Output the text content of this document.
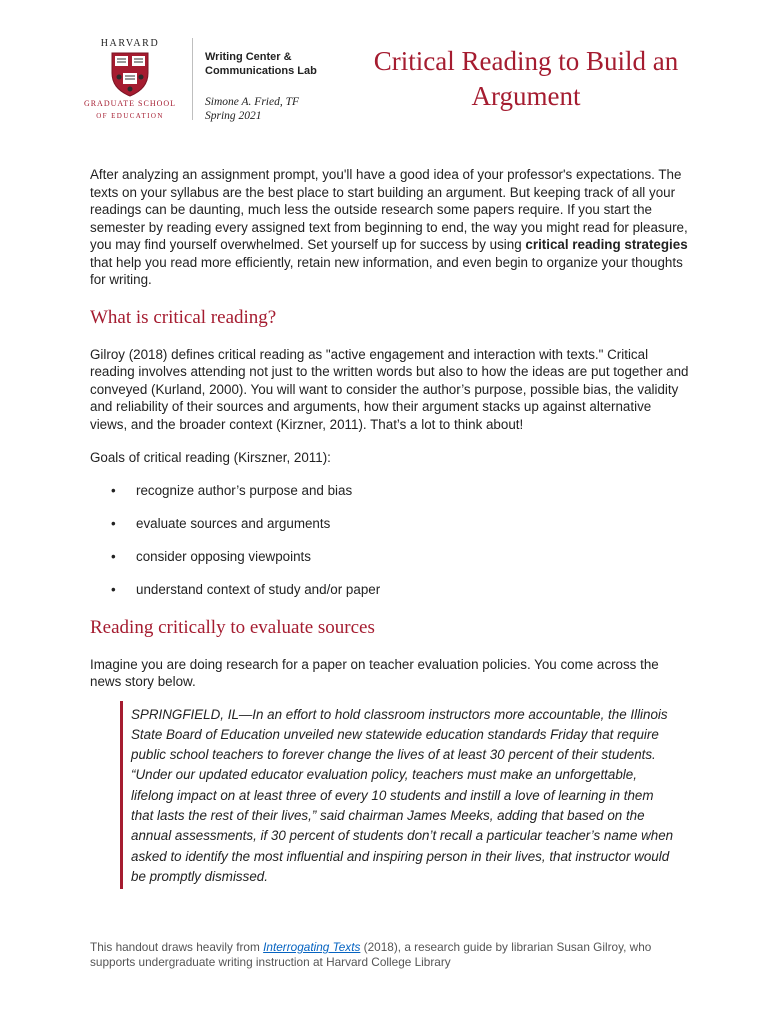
HARVARD
GRADUATE SCHOOL
OF EDUCATION
Writing Center &
Communications Lab
Simone A. Fried, TF
Spring 2021
Critical Reading to Build an
Argument

After analyzing an assignment prompt, you'll have a good idea of your professor's expectations. The texts on your syllabus are the best place to start building an argument. But keeping track of all your readings can be daunting, much less the outside research some papers require. If you start the semester by reading every assigned text from beginning to end, the way you might read for pleasure, you may find yourself overwhelmed. Set yourself up for success by using critical reading strategies that help you read more efficiently, retain new information, and even begin to organize your thoughts for writing.

What is critical reading?

Gilroy (2018) defines critical reading as "active engagement and interaction with texts." Critical reading involves attending not just to the written words but also to how the ideas are put together and conveyed (Kurland, 2000). You will want to consider the author’s purpose, possible bias, the validity and reliability of their sources and arguments, how their argument stacks up against alternative views, and the broader context (Kirzner, 2011). That’s a lot to think about!

Goals of critical reading (Kirszner, 2011):

• recognize author’s purpose and bias
• evaluate sources and arguments
• consider opposing viewpoints
• understand context of study and/or paper
Reading critically to evaluate sources

Imagine you are doing research for a paper on teacher evaluation policies. You come across the news story below.

SPRINGFIELD, IL—In an effort to hold classroom instructors more accountable, the Illinois State Board of Education unveiled new statewide education standards Friday that require public school teachers to forever change the lives of at least 30 percent of their students. “Under our updated educator evaluation policy, teachers must make an unforgettable, lifelong impact on at least three of every 10 students and instill a love of learning in them that lasts the rest of their lives,” said chairman James Meeks, adding that based on the annual assessments, if 30 percent of students don’t recall a particular teacher’s name when asked to identify the most influential and inspiring person in their lives, that instructor would be promptly dismissed.
This handout draws heavily from Interrogating Texts (2018), a research guide by librarian Susan Gilroy, who supports undergraduate writing instruction at Harvard College Library
